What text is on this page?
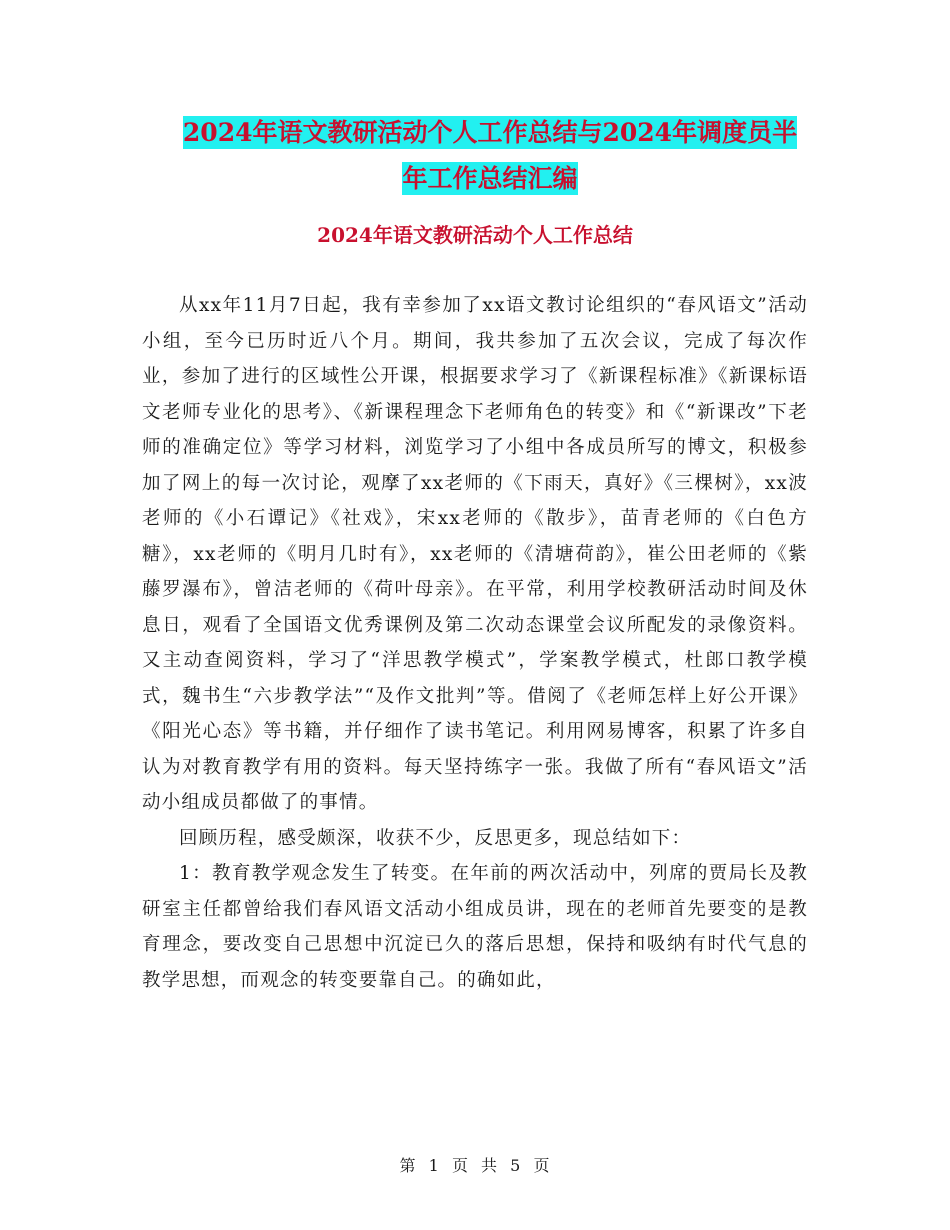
2024年语文教研活动个人工作总结与2024年调度员半
年工作总结汇编
2024年语文教研活动个人工作总结

从xx年11月7日起，我有幸参加了xx语文教讨论组织的“春风语文”活动小组，至今已历时近八个月。期间，我共参加了五次会议，完成了每次作业，参加了进行的区域性公开课，根据要求学习了《新课程标准》《新课标语文老师专业化的思考》、《新课程理念下老师角色的转变》和《“新课改”下老师的准确定位》等学习材料，浏览学习了小组中各成员所写的博文，积极参加了网上的每一次讨论，观摩了xx老师的《下雨天，真好》《三棵树》，xx波老师的《小石谭记》《社戏》，宋xx老师的《散步》，苗青老师的《白色方糖》，xx老师的《明月几时有》，xx老师的《清塘荷韵》，崔公田老师的《紫藤罗瀑布》，曾洁老师的《荷叶母亲》。在平常，利用学校教研活动时间及休息日，观看了全国语文优秀课例及第二次动态课堂会议所配发的录像资料。又主动查阅资料，学习了“洋思教学模式”，学案教学模式，杜郎口教学模式，魏书生“六步教学法”“及作文批判”等。借阅了《老师怎样上好公开课》《阳光心态》等书籍，并仔细作了读书笔记。利用网易博客，积累了许多自认为对教育教学有用的资料。每天坚持练字一张。我做了所有“春风语文”活动小组成员都做了的事情。

回顾历程，感受颇深，收获不少，反思更多，现总结如下：

1：教育教学观念发生了转变。在年前的两次活动中，列席的贾局长及教研室主任都曾给我们春风语文活动小组成员讲，现在的老师首先要变的是教育理念，要改变自己思想中沉淀已久的落后思想，保持和吸纳有时代气息的教学思想，而观念的转变要靠自己。的确如此，

第 1 页 共 5 页
